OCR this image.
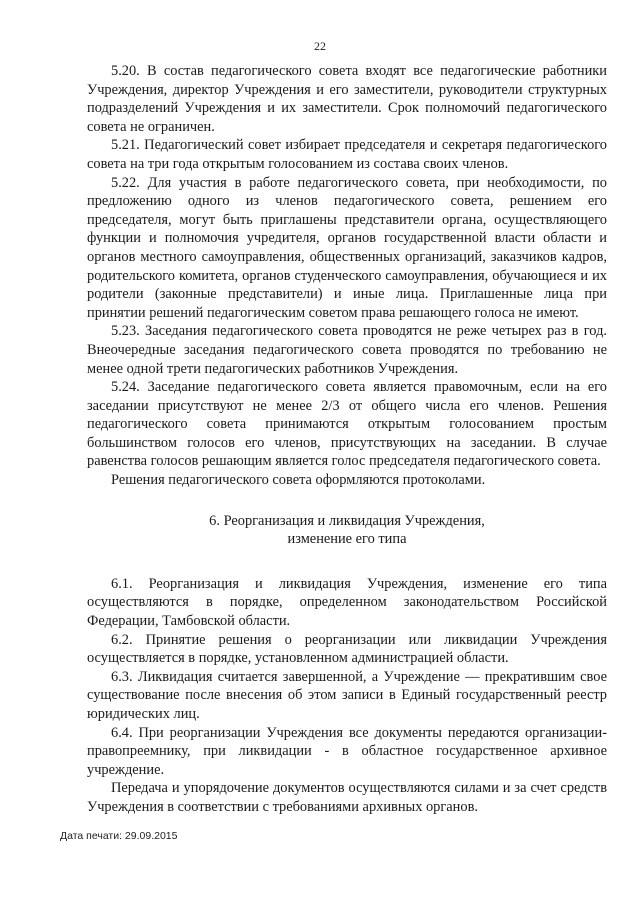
22

5.20. В состав педагогического совета входят все педагогические работники Учреждения, директор Учреждения и его заместители, руководители структурных подразделений Учреждения и их заместители. Срок полномочий педагогического совета не ограничен.

5.21. Педагогический совет избирает председателя и секретаря педагогического совета на три года открытым голосованием из состава своих членов.

5.22. Для участия в работе педагогического совета, при необходимости, по предложению одного из членов педагогического совета, решением его председателя, могут быть приглашены представители органа, осуществляющего функции и полномочия учредителя, органов государственной власти области и органов местного самоуправления, общественных организаций, заказчиков кадров, родительского комитета, органов студенческого самоуправления, обучающиеся и их родители (законные представители) и иные лица. Приглашенные лица при принятии решений педагогическим советом права решающего голоса не имеют.

5.23. Заседания педагогического совета проводятся не реже четырех раз в год. Внеочередные заседания педагогического совета проводятся по требованию не менее одной трети педагогических работников Учреждения.

5.24. Заседание педагогического совета является правомочным, если на его заседании присутствуют не менее 2/3 от общего числа его членов. Решения педагогического совета принимаются открытым голосованием простым большинством голосов его членов, присутствующих на заседании. В случае равенства голосов решающим является голос председателя педагогического совета.

Решения педагогического совета оформляются протоколами.

6. Реорганизация и ликвидация Учреждения,
изменение его типа

6.1. Реорганизация и ликвидация Учреждения, изменение его типа осуществляются в порядке, определенном законодательством Российской Федерации, Тамбовской области.

6.2. Принятие решения о реорганизации или ликвидации Учреждения осуществляется в порядке, установленном администрацией области.

6.3. Ликвидация считается завершенной, а Учреждение — прекратившим свое существование после внесения об этом записи в Единый государственный реестр юридических лиц.

6.4. При реорганизации Учреждения все документы передаются организации-правопреемнику, при ликвидации - в областное государственное архивное учреждение.

Передача и упорядочение документов осуществляются силами и за счет средств Учреждения в соответствии с требованиями архивных органов.

Дата печати: 29.09.2015
